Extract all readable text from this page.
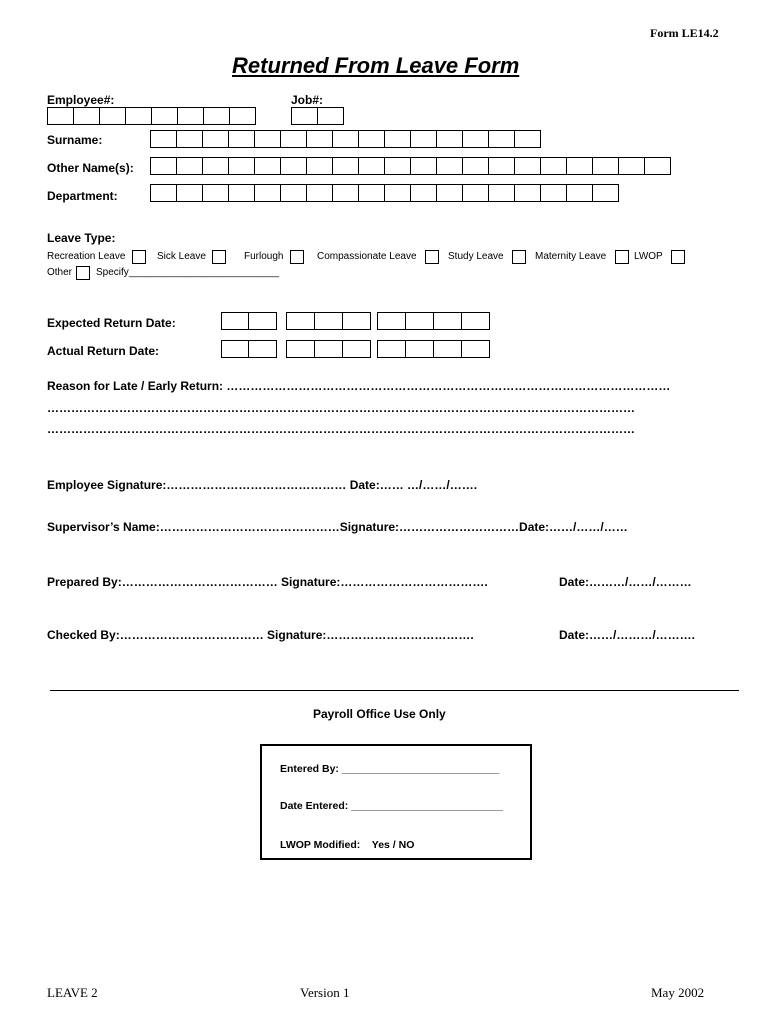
Form LE14.2
Returned From Leave Form
Employee#:	Job#:
Surname:
Other Name(s):
Department:
Leave Type:
Recreation Leave	Sick Leave	Furlough	Compassionate Leave	Study Leave	Maternity Leave	LWOP
Other Specify___________________________
Expected Return Date:
Actual Return Date:
Reason for Late / Early Return: …………………………………………………………………………………………………
…………………………………………………………………………………………………………………………………
…………………………………………………………………………………………………………………………………
Employee Signature:……………………………………… Date:…… …/……/…….
Supervisor’s Name:………………………………………Signature:…………………………Date:……/……/……
Prepared By:………………………………… Signature:……………………………….	Date:………/……/………
Checked By:……………………………… Signature:……………………………….	Date:……/………/……….
Payroll Office Use Only
Entered By: ___________________________
Date Entered: __________________________
LWOP Modified:    Yes / NO
LEAVE 2	Version 1	May 2002
